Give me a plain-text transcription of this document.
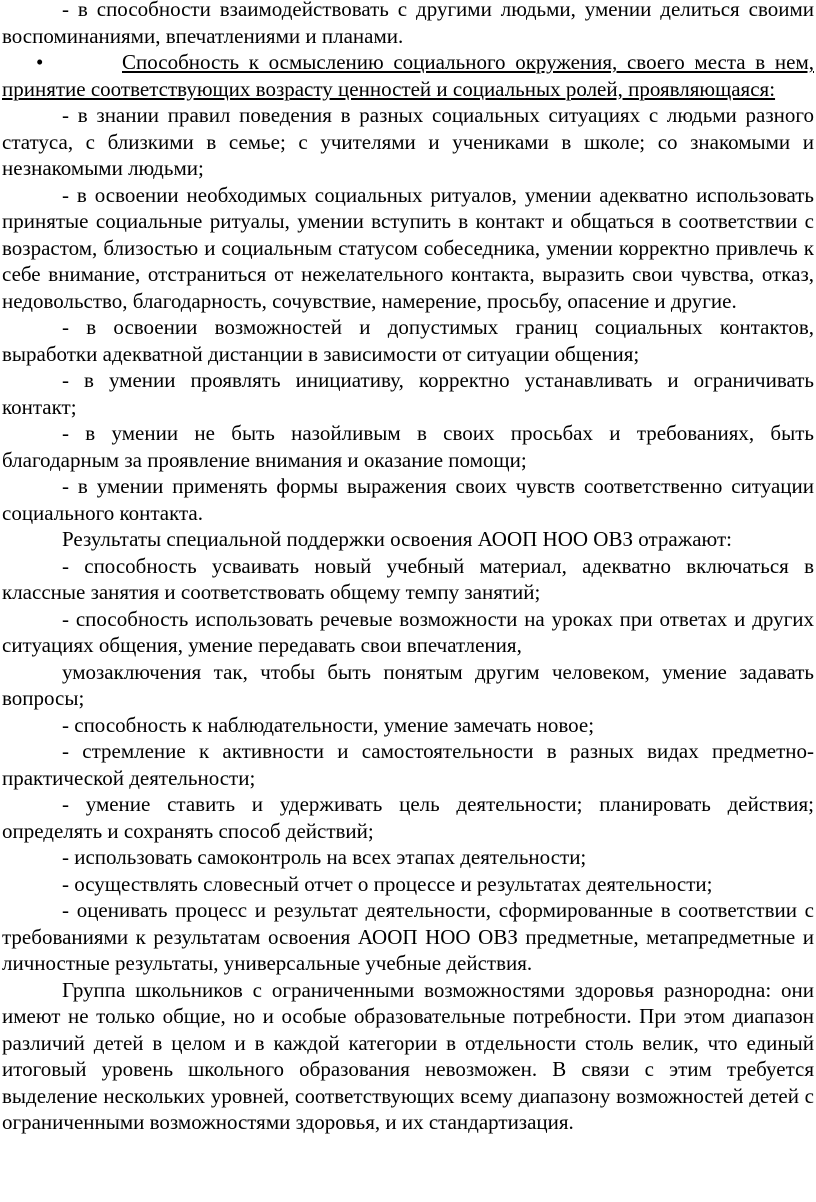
- в способности взаимодействовать с другими людьми, умении делиться своими воспоминаниями, впечатлениями и планами.

•	Способность к осмыслению социального окружения, своего места в нем, принятие соответствующих возрасту ценностей и социальных ролей, проявляющаяся:

- в знании правил поведения в разных социальных ситуациях с людьми разного статуса, с близкими в семье; с учителями и учениками в школе; со знакомыми и незнакомыми людьми;

- в освоении необходимых социальных ритуалов, умении адекватно использовать принятые социальные ритуалы, умении вступить в контакт и общаться в соответствии с возрастом, близостью и социальным статусом собеседника, умении корректно привлечь к себе внимание, отстраниться от нежелательного контакта, выразить свои чувства, отказ, недовольство, благодарность, сочувствие, намерение, просьбу, опасение и другие.

- в освоении возможностей и допустимых границ социальных контактов, выработки адекватной дистанции в зависимости от ситуации общения;

- в умении проявлять инициативу, корректно устанавливать и ограничивать контакт;

- в умении не быть назойливым в своих просьбах и требованиях, быть благодарным за проявление внимания и оказание помощи;

- в умении применять формы выражения своих чувств соответственно ситуации социального контакта.

Результаты специальной поддержки освоения АООП НОО ОВЗ отражают:

- способность усваивать новый учебный материал, адекватно включаться в классные занятия и соответствовать общему темпу занятий;

- способность использовать речевые возможности на уроках при ответах и других ситуациях общения, умение передавать свои впечатления,

умозаключения так, чтобы быть понятым другим человеком, умение задавать вопросы;

- способность к наблюдательности, умение замечать новое;

- стремление к активности и самостоятельности в разных видах предметно-практической деятельности;

- умение ставить и удерживать цель деятельности; планировать действия; определять и сохранять способ действий;

- использовать самоконтроль на всех этапах деятельности;

- осуществлять словесный отчет о процессе и результатах деятельности;

- оценивать процесс и результат деятельности, сформированные в соответствии с требованиями к результатам освоения АООП НОО ОВЗ предметные, метапредметные и личностные результаты, универсальные учебные действия.

Группа школьников с ограниченными возможностями здоровья разнородна: они имеют не только общие, но и особые образовательные потребности. При этом диапазон различий детей в целом и в каждой категории в отдельности столь велик, что единый итоговый уровень школьного образования невозможен. В связи с этим требуется выделение нескольких уровней, соответствующих всему диапазону возможностей детей с ограниченными возможностями здоровья, и их стандартизация.
